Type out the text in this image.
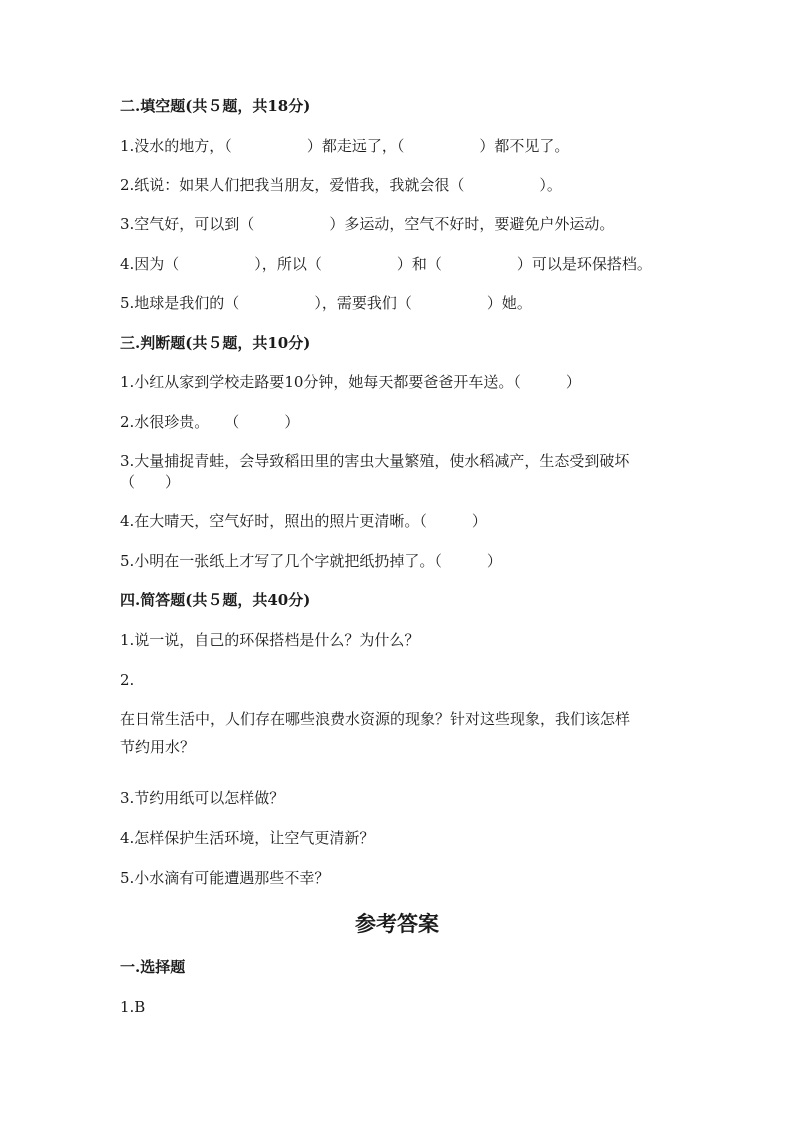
二.填空题(共５题，共18分)
1.没水的地方，（　　　　　）都走远了，（　　　　　）都不见了。
2.纸说：如果人们把我当朋友，爱惜我，我就会很（　　　　　）。
3.空气好，可以到（　　　　　）多运动，空气不好时，要避免户外运动。
4.因为（　　　　　），所以（　　　　　）和（　　　　　）可以是环保搭档。
5.地球是我们的（　　　　　），需要我们（　　　　　）她。
三.判断题(共５题，共10分)
1.小红从家到学校走路要10分钟，她每天都要爸爸开车送。（　　　）
2.水很珍贵。　　（　　　）
3.大量捕捉青蛙，会导致稻田里的害虫大量繁殖，使水稻减产，生态受到破坏
（　　）
4.在大晴天，空气好时，照出的照片更清晰。（　　　）
5.小明在一张纸上才写了几个字就把纸扔掉了。（　　　）
四.简答题(共５题，共40分)
1.说一说，自己的环保搭档是什么？为什么？
2.
在日常生活中，人们存在哪些浪费水资源的现象？针对这些现象，我们该怎样
节约用水？
3.节约用纸可以怎样做？
4.怎样保护生活环境，让空气更清新？
5.小水滴有可能遭遇那些不幸？
参考答案
一.选择题
1.B
